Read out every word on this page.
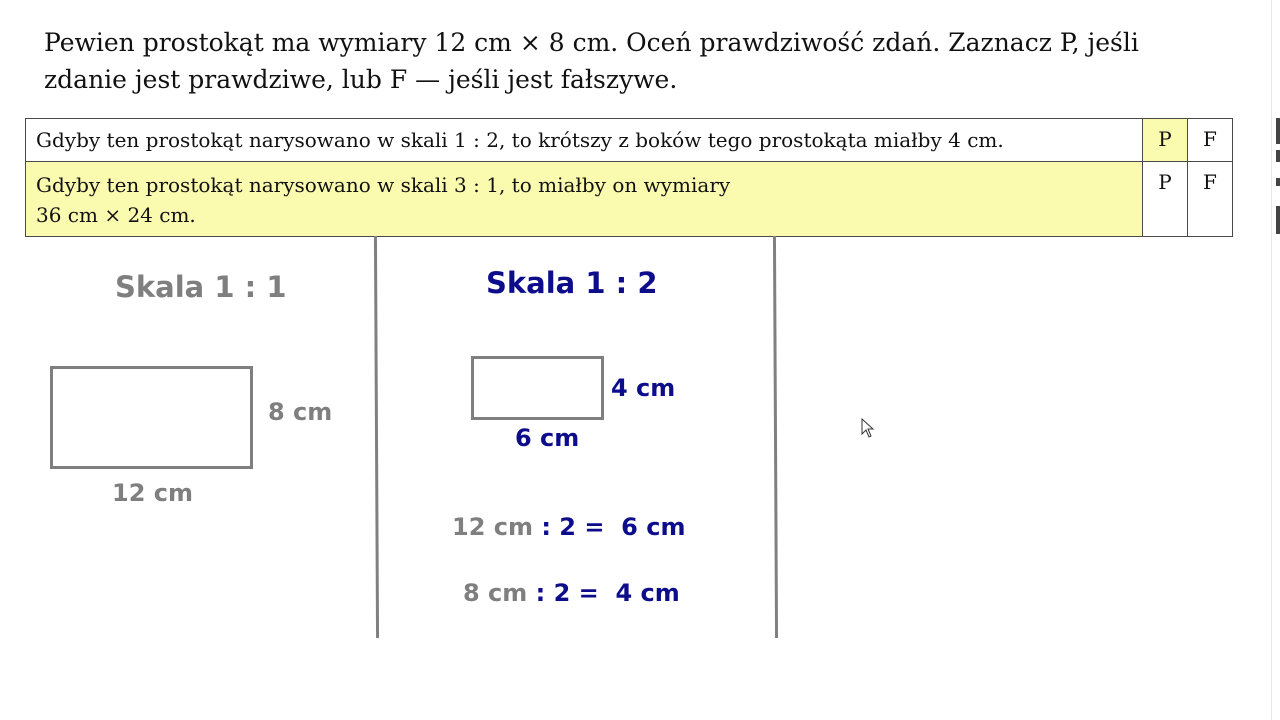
Pewien prostokąt ma wymiary 12 cm × 8 cm. Oceń prawdziwość zdań. Zaznacz P, jeśli
zdanie jest prawdziwe, lub F — jeśli jest fałszywe.
Gdyby ten prostokąt narysowano w skali 1 : 2, to krótszy z boków tego prostokąta miałby 4 cm.	P	F

Gdyby ten prostokąt narysowano w skali 3 : 1, to miałby on wymiary
36 cm × 24 cm.	P	F
Skala 1 : 1
8 cm
12 cm
Skala 1 : 2
4 cm
6 cm
12 cm : 2 =  6 cm
8 cm : 2 =  4 cm
